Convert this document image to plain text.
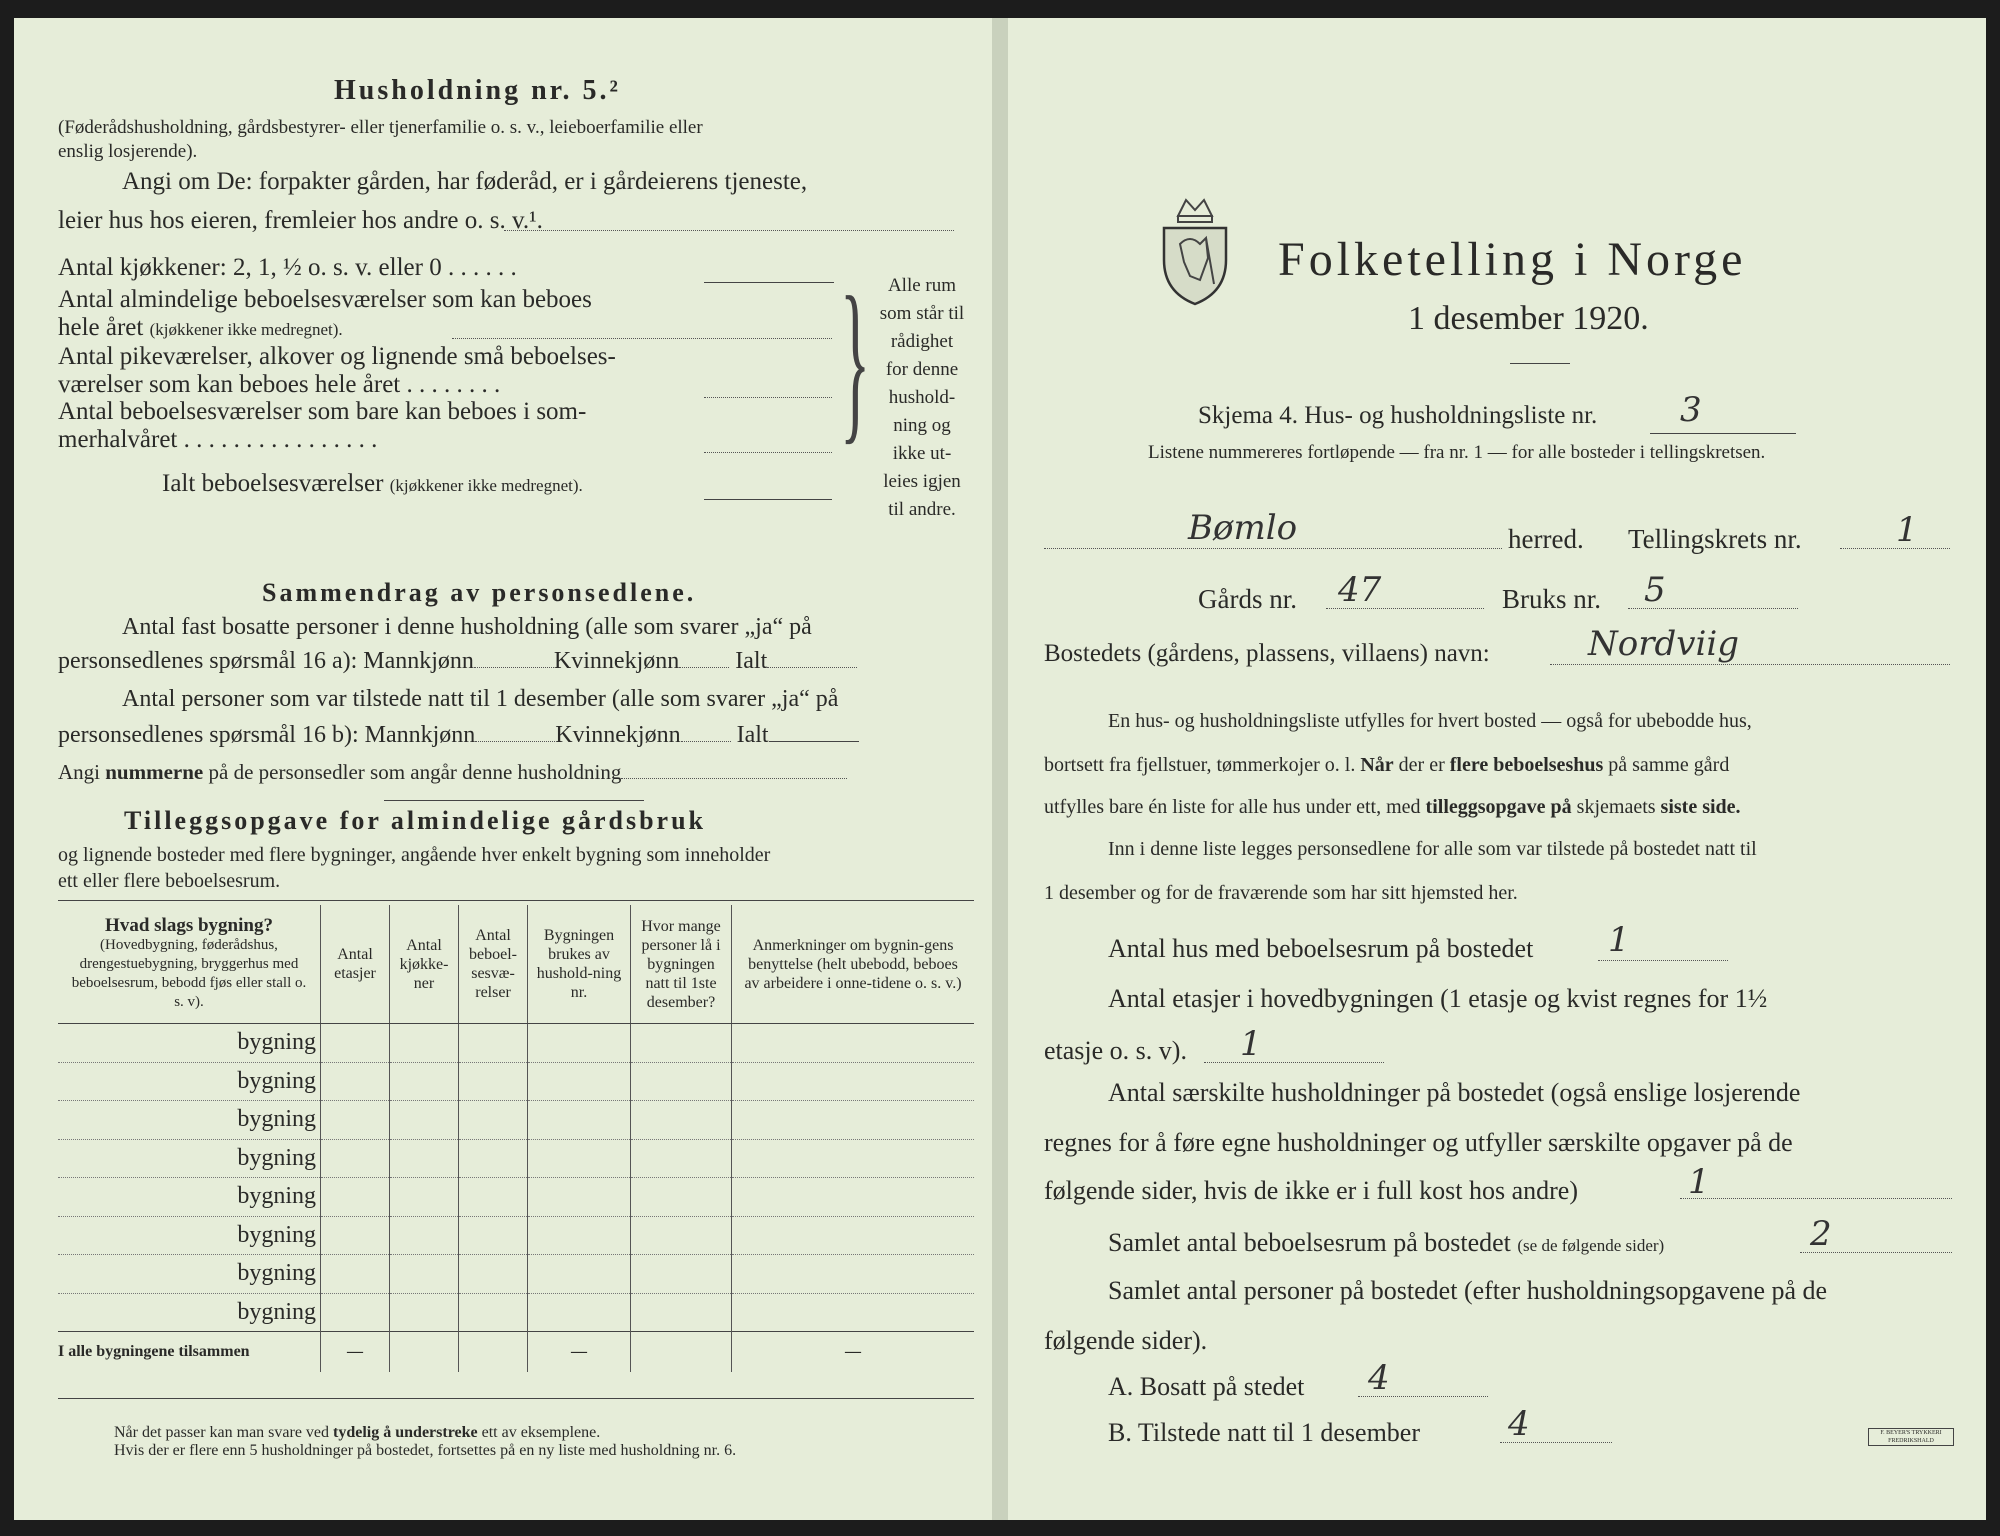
Husholdning nr. 5.²
(Føderådshusholdning, gårdsbestyrer- eller tjenerfamilie o. s. v., leieboerfamilie eller
enslig losjerende).
Angi om De: forpakter gården, har føderåd, er i gårdeierens tjeneste,
leier hus hos eieren, fremleier hos andre o. s. v.¹.
Antal kjøkkener: 2, 1, ½ o. s. v. eller 0 . . . . . .
Antal almindelige beboelsesværelser som kan beboes
hele året (kjøkkener ikke medregnet).
Antal pikeværelser, alkover og lignende små beboelses-
værelser som kan beboes hele året . . . . . . . .
Antal beboelsesværelser som bare kan beboes i som-
merhalvåret . . . . . . . . . . . . . . . .
Ialt beboelsesværelser (kjøkkener ikke medregnet).
} Alle rum
som står til
rådighet
for denne
hushold-
ning og
ikke ut-
leies igjen
til andre.
Sammendrag av personsedlene.
Antal fast bosatte personer i denne husholdning (alle som svarer „ja“ på
personsedlenes spørsmål 16 a): Mannkjønn	Kvinnekjønn Ialt
Antal personer som var tilstede natt til 1 desember (alle som svarer „ja“ på
personsedlenes spørsmål 16 b): Mannkjønn	Kvinnekjønn Ialt
Angi nummerne på de personsedler som angår denne husholdning
Tilleggsopgave for almindelige gårdsbruk
og lignende bosteder med flere bygninger, angående hver enkelt bygning som inneholder
ett eller flere beboelsesrum.
Hvad slags bygning?
(Hovedbygning, føderådshus, drengestuebygning, bryggerhus med beboelsesrum, bebodd fjøs eller stall o. s. v).	Antal etasjer	Antal kjøkke-ner	Antal beboel-sesvæ-relser	Bygningen brukes av hushold-ning nr.	Hvor mange personer lå i bygningen natt til 1ste desember?	Anmerkninger om bygnin-gens benyttelse (helt ubebodd, beboes av arbeidere i onne-tidene o. s. v.)
bygning						
bygning						
bygning						
bygning						
bygning						
bygning						
bygning						
bygning						
I alle bygningene tilsammen	—			—		—
Når det passer kan man svare ved tydelig å understreke ett av eksemplene.
Hvis der er flere enn 5 husholdninger på bostedet, fortsettes på en ny liste med husholdning nr. 6.
Folketelling i Norge
1 desember 1920.
Skjema 4. Hus- og husholdningsliste nr. 3
Listene nummereres fortløpende — fra nr. 1 — for alle bosteder i tellingskretsen.
Bømlo	herred. Tellingskrets nr.	1
Gårds nr. 47	Bruks nr. 5
Bostedets (gårdens, plassens, villaens) navn:	Nordviig
En hus- og husholdningsliste utfylles for hvert bosted — også for ubebodde hus,
bortsett fra fjellstuer, tømmerkojer o. l. Når der er flere beboelseshus på samme gård
utfylles bare én liste for alle hus under ett, med tilleggsopgave på skjemaets siste side.
Inn i denne liste legges personsedlene for alle som var tilstede på bostedet natt til
1 desember og for de fraværende som har sitt hjemsted her.
Antal hus med beboelsesrum på bostedet 1
Antal etasjer i hovedbygningen (1 etasje og kvist regnes for 1½
etasje o. s. v). 1
Antal særskilte husholdninger på bostedet (også enslige losjerende
regnes for å føre egne husholdninger og utfyller særskilte opgaver på de
følgende sider, hvis de ikke er i full kost hos andre)	1
Samlet antal beboelsesrum på bostedet (se de følgende sider)	2
Samlet antal personer på bostedet (efter husholdningsopgavene på de
følgende sider).
A. Bosatt på stedet 4
B. Tilstede natt til 1 desember	4	F. BEYER'S TRYKKERI FREDRIKSHALD
